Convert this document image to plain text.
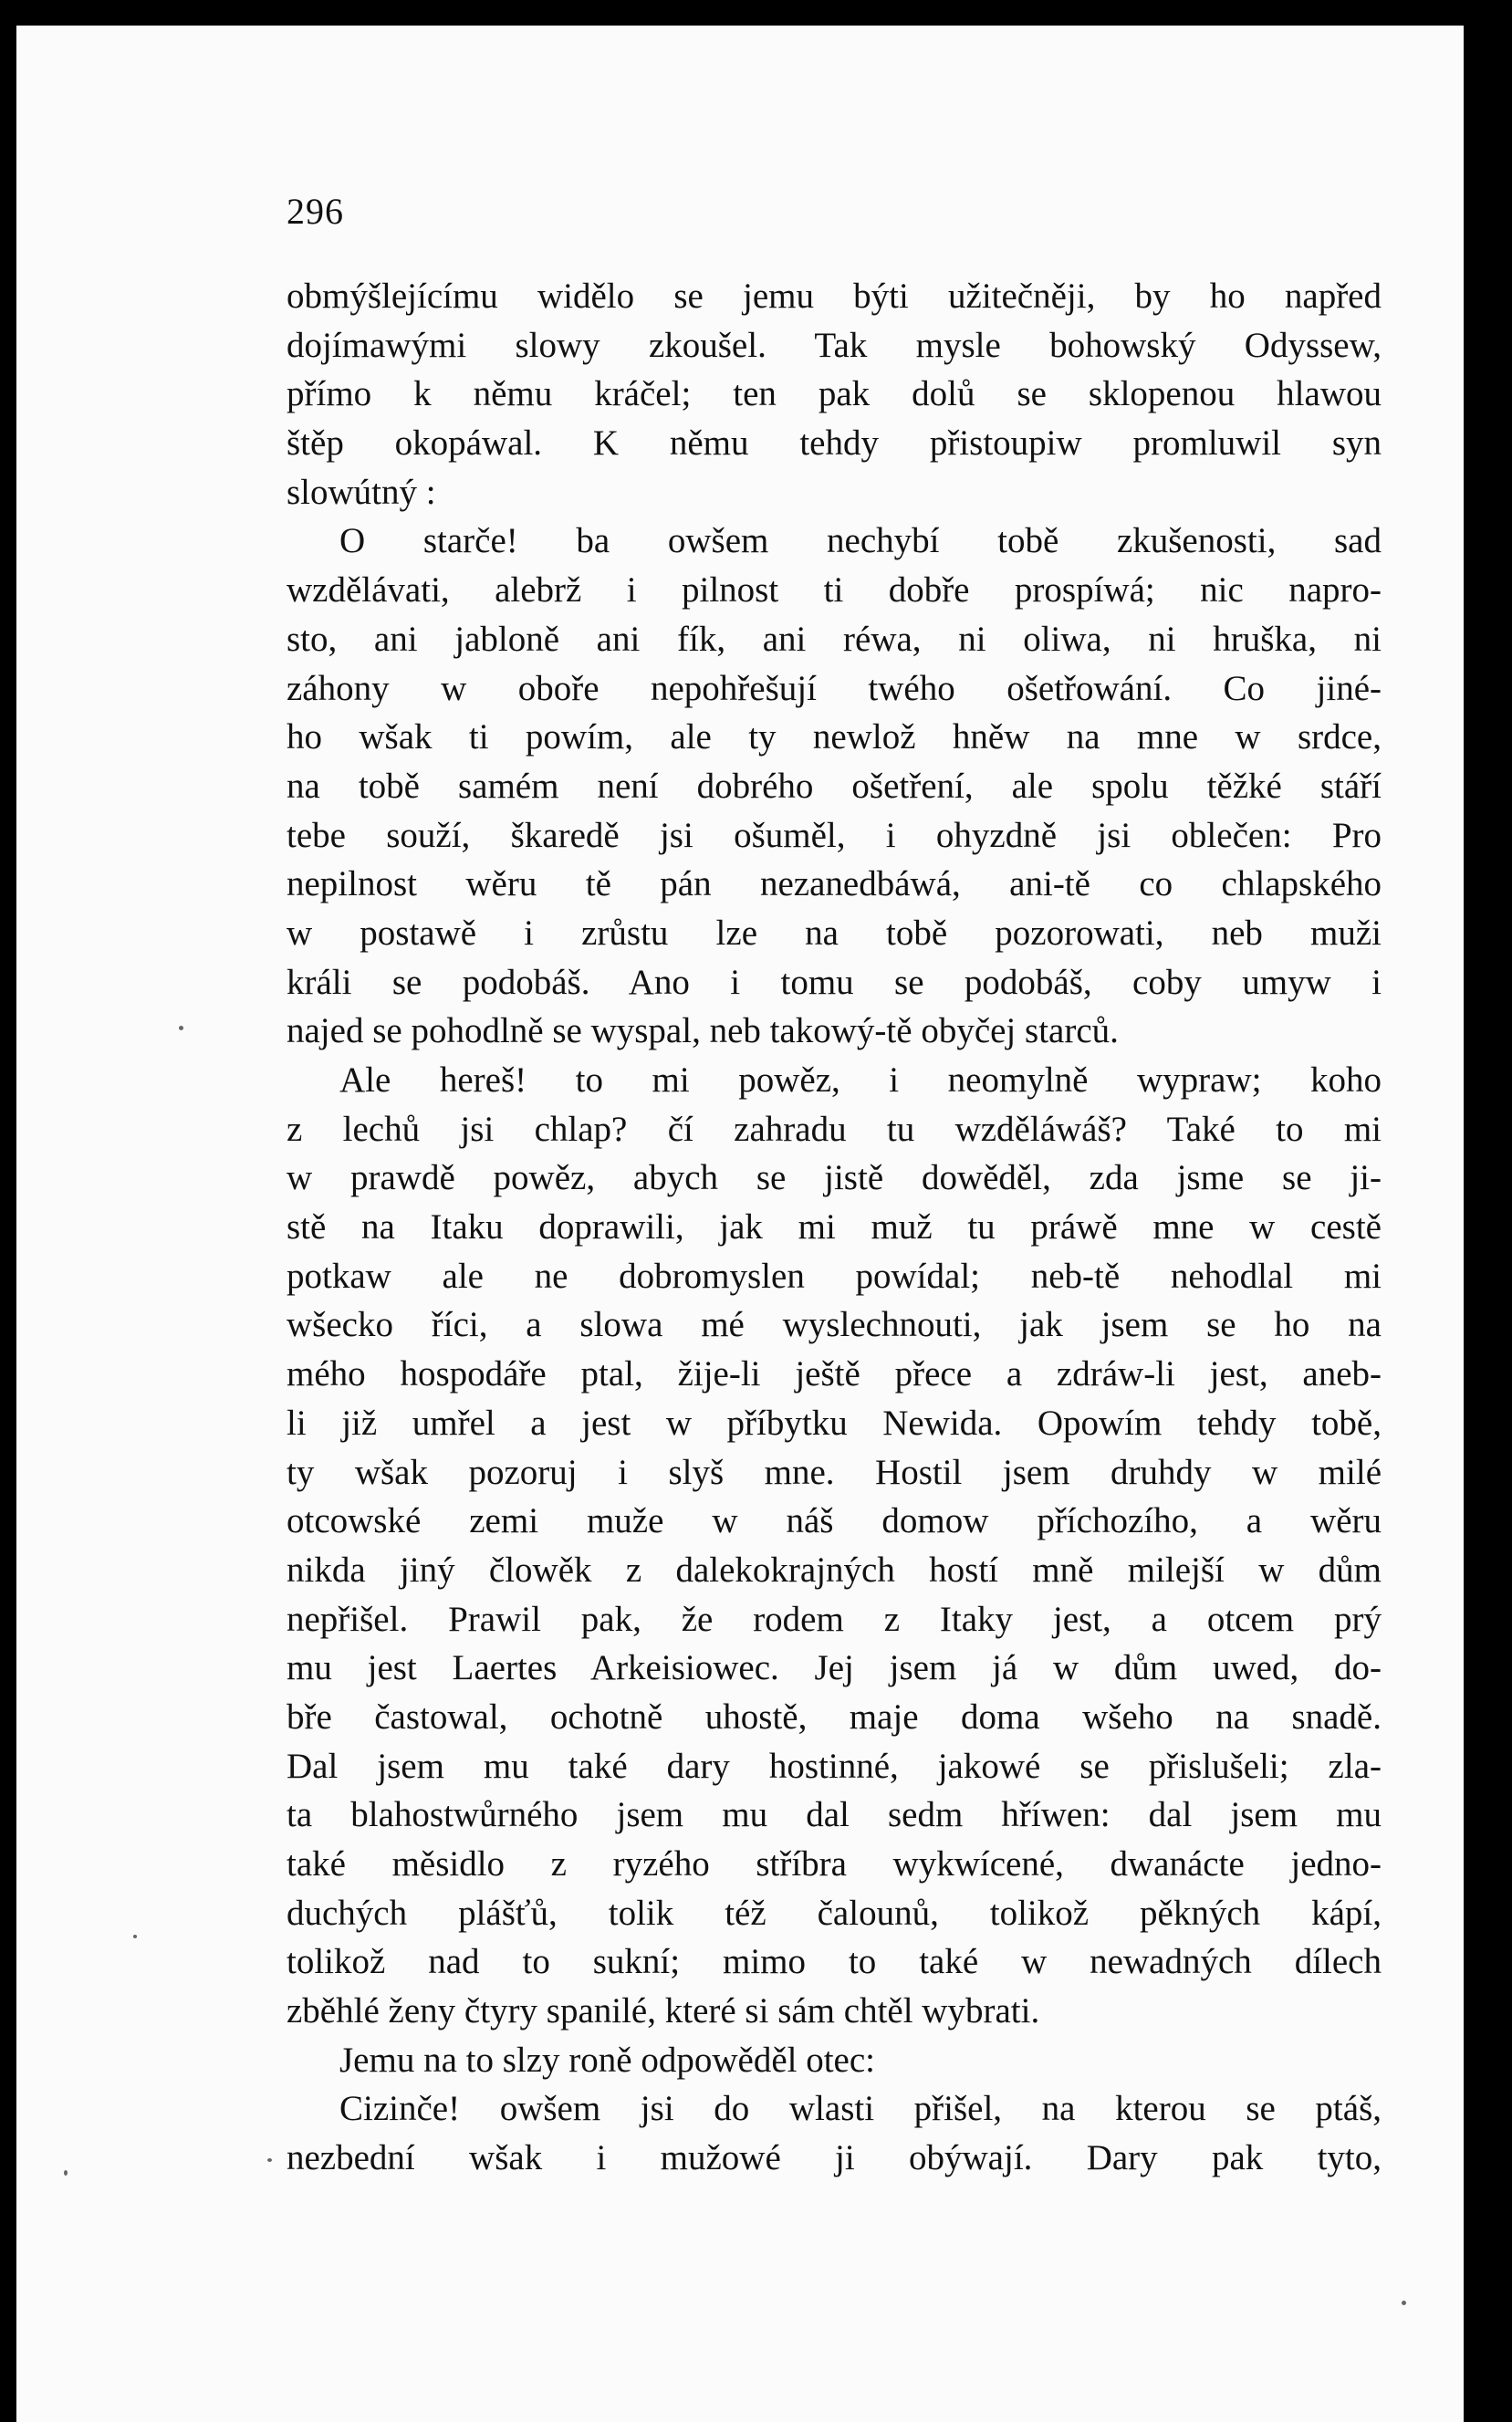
296
obmýšlejícímu widělo se jemu býti užitečněji, by ho napřed
dojímawými slowy zkoušel. Tak mysle bohowský Odyssew,
přímo k němu kráčel; ten pak dolů se sklopenou hlawou
štěp okopáwal. K němu tehdy přistoupiw promluwil syn
slowútný :
O starče! ba owšem nechybí tobě zkušenosti, sad
wzdělávati, alebrž i pilnost ti dobře prospíwá; nic napro-
sto, ani jabloně ani fík, ani réwa, ni oliwa, ni hruška, ni
záhony w oboře nepohřešují twého ošetřowání. Co jiné-
ho wšak ti powím, ale ty newlož hněw na mne w srdce,
na tobě samém není dobrého ošetření, ale spolu těžké stáří
tebe souží, škaredě jsi ošuměl, i ohyzdně jsi oblečen: Pro
nepilnost wěru tě pán nezanedbáwá, ani-tě co chlapského
w postawě i zrůstu lze na tobě pozorowati, neb muži
králi se podobáš. Ano i tomu se podobáš, coby umyw i
najed se pohodlně se wyspal, neb takowý-tě obyčej starců.
Ale hereš! to mi powěz, i neomylně wypraw; koho
z lechů jsi chlap? čí zahradu tu wzděláwáš? Také to mi
w prawdě powěz, abych se jistě dowěděl, zda jsme se ji-
stě na Itaku doprawili, jak mi muž tu práwě mne w cestě
potkaw ale ne dobromyslen powídal; neb-tě nehodlal mi
wšecko říci, a slowa mé wyslechnouti, jak jsem se ho na
mého hospodáře ptal, žije-li ještě přece a zdráw-li jest, aneb-
li již umřel a jest w příbytku Newida. Opowím tehdy tobě,
ty wšak pozoruj i slyš mne. Hostil jsem druhdy w milé
otcowské zemi muže w náš domow příchozího, a wěru
nikda jiný člowěk z dalekokrajných hostí mně milejší w dům
nepřišel. Prawil pak, že rodem z Itaky jest, a otcem prý
mu jest Laertes Arkeisiowec. Jej jsem já w dům uwed, do-
bře častowal, ochotně uhostě, maje doma wšeho na snadě.
Dal jsem mu také dary hostinné, jakowé se přislušeli; zla-
ta blahostwůrného jsem mu dal sedm hříwen: dal jsem mu
také měsidlo z ryzého stříbra wykwícené, dwanácte jedno-
duchých plášťů, tolik též čalounů, tolikož pěkných kápí,
tolikož nad to sukní; mimo to také w newadných dílech
zběhlé ženy čtyry spanilé, které si sám chtěl wybrati.
Jemu na to slzy roně odpowěděl otec:
Cizinče! owšem jsi do wlasti přišel, na kterou se ptáš,
nezbední wšak i mužowé ji obýwají. Dary pak tyto,
